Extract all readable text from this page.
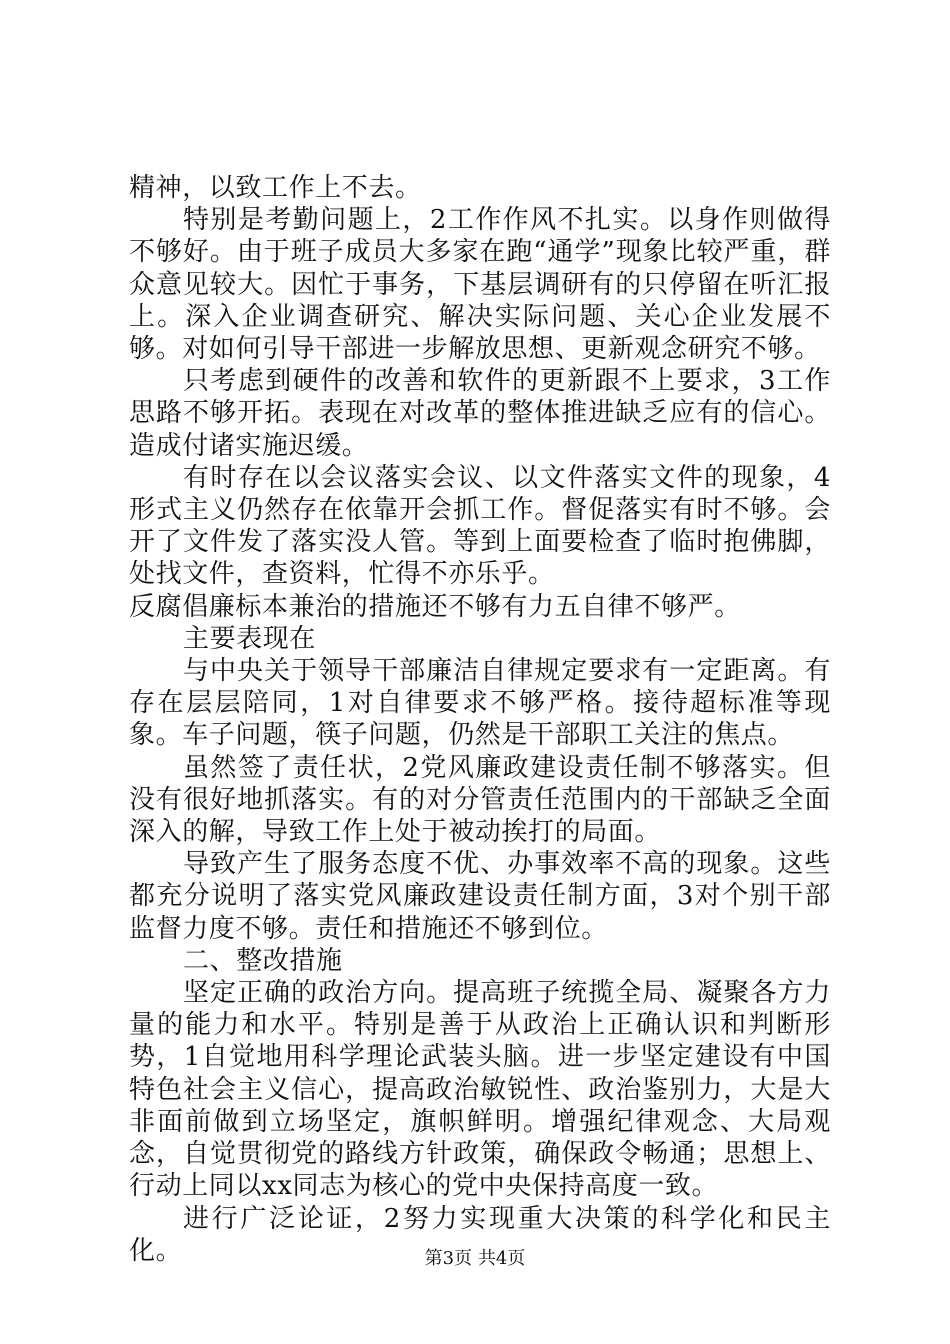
精神，以致工作上不去。

特别是考勤问题上，2工作作风不扎实。以身作则做得不够好。由于班子成员大多家在跑“通学”现象比较严重，群众意见较大。因忙于事务，下基层调研有的只停留在听汇报上。深入企业调查研究、解决实际问题、关心企业发展不够。对如何引导干部进一步解放思想、更新观念研究不够。

只考虑到硬件的改善和软件的更新跟不上要求，3工作思路不够开拓。表现在对改革的整体推进缺乏应有的信心。造成付诸实施迟缓。

有时存在以会议落实会议、以文件落实文件的现象，4形式主义仍然存在依靠开会抓工作。督促落实有时不够。会开了文件发了落实没人管。等到上面要检查了临时抱佛脚，处找文件，查资料，忙得不亦乐乎。

反腐倡廉标本兼治的措施还不够有力五自律不够严。

主要表现在

与中央关于领导干部廉洁自律规定要求有一定距离。有存在层层陪同，1对自律要求不够严格。接待超标准等现象。车子问题，筷子问题，仍然是干部职工关注的焦点。

虽然签了责任状，2党风廉政建设责任制不够落实。但没有很好地抓落实。有的对分管责任范围内的干部缺乏全面深入的解，导致工作上处于被动挨打的局面。

导致产生了服务态度不优、办事效率不高的现象。这些都充分说明了落实党风廉政建设责任制方面，3对个别干部监督力度不够。责任和措施还不够到位。

二、整改措施

坚定正确的政治方向。提高班子统揽全局、凝聚各方力量的能力和水平。特别是善于从政治上正确认识和判断形势，1自觉地用科学理论武装头脑。进一步坚定建设有中国特色社会主义信心，提高政治敏锐性、政治鉴别力，大是大非面前做到立场坚定，旗帜鲜明。增强纪律观念、大局观念，自觉贯彻党的路线方针政策，确保政令畅通；思想上、行动上同以xx同志为核心的党中央保持高度一致。

进行广泛论证，2努力实现重大决策的科学化和民主化。	第3页 共4页
